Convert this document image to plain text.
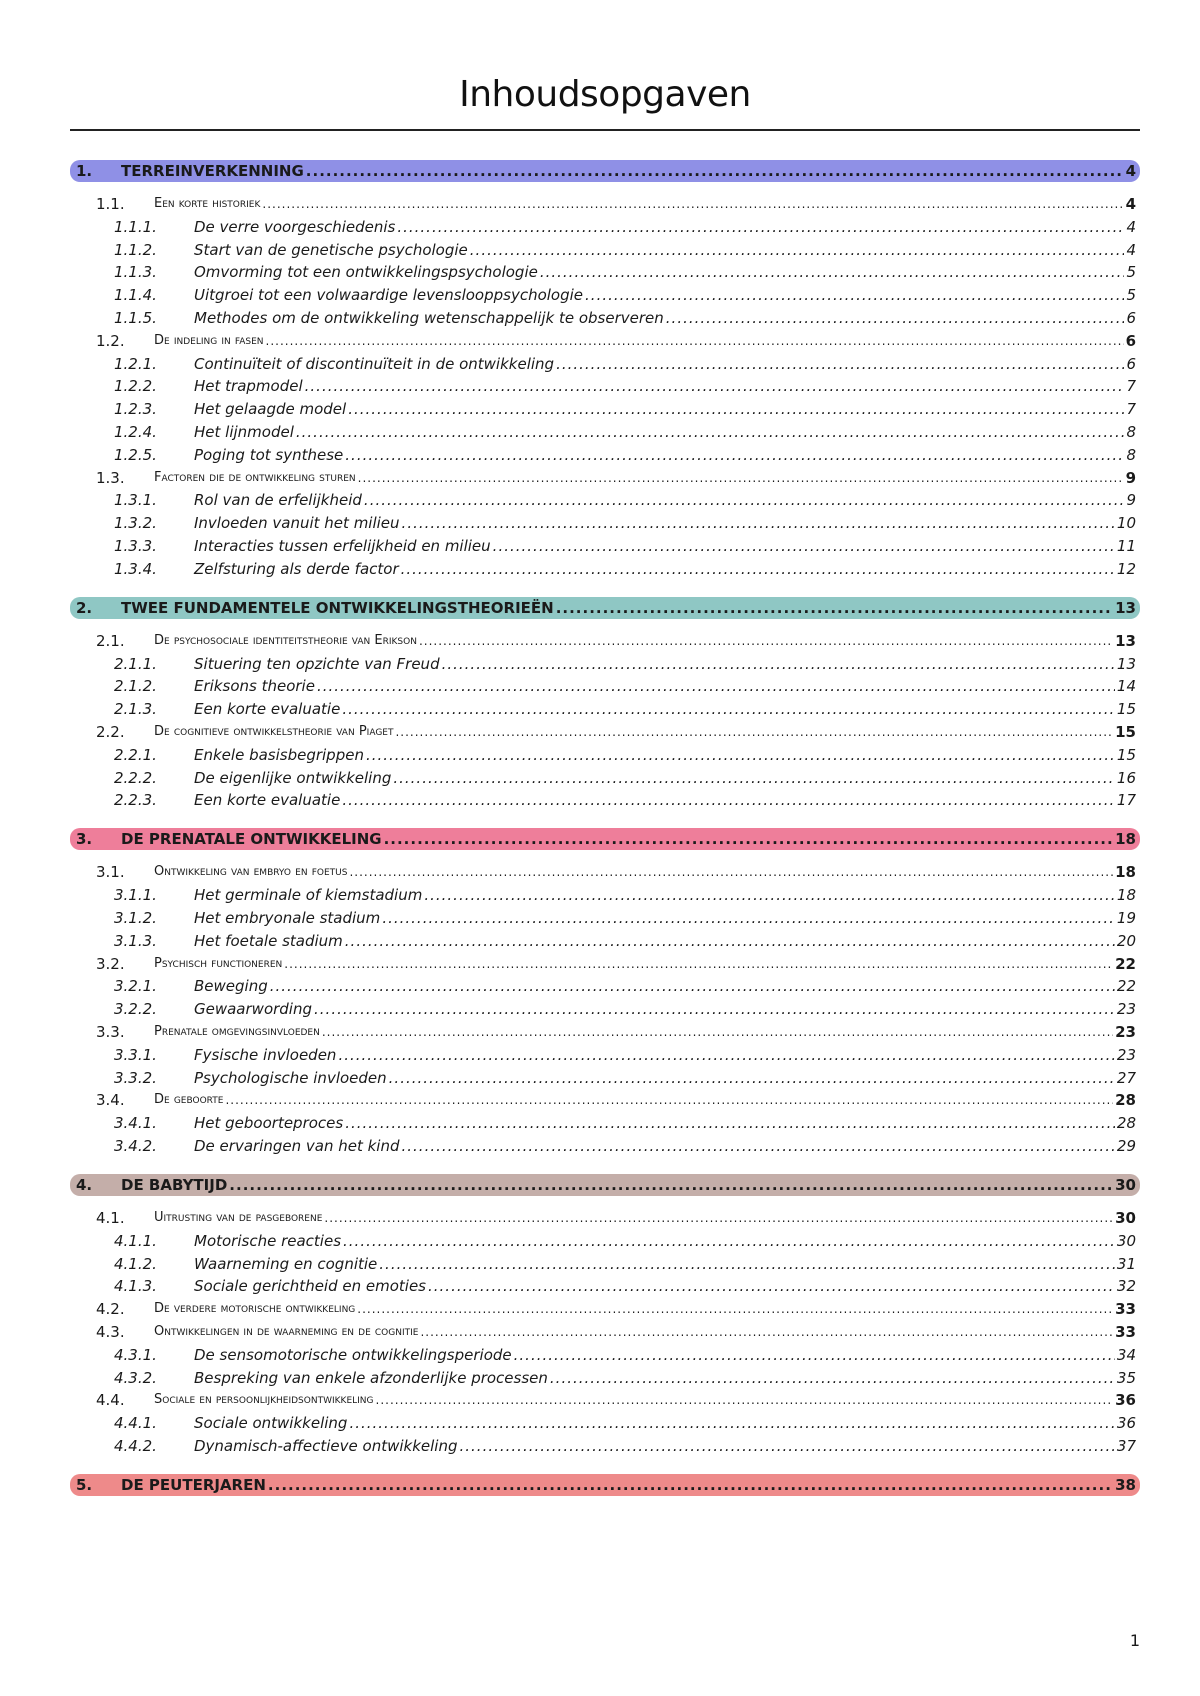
Inhoudsopgaven
1.	TERREINVERKENNING .....	4
1.1.	Een korte historiek .....	4
1.1.1.	De verre voorgeschiedenis .....	4
1.1.2.	Start van de genetische psychologie .....	4
1.1.3.	Omvorming tot een ontwikkelingspsychologie .....	5
1.1.4.	Uitgroei tot een volwaardige levenslooppsychologie .....	5
1.1.5.	Methodes om de ontwikkeling wetenschappelijk te observeren .....	6
1.2.	De indeling in fasen .....	6
1.2.1.	Continuïteit of discontinuïteit in de ontwikkeling .....	6
1.2.2.	Het trapmodel .....	7
1.2.3.	Het gelaagde model .....	7
1.2.4.	Het lijnmodel .....	8
1.2.5.	Poging tot synthese .....	8
1.3.	Factoren die de ontwikkeling sturen .....	9
1.3.1.	Rol van de erfelijkheid .....	9
1.3.2.	Invloeden vanuit het milieu .....	10
1.3.3.	Interacties tussen erfelijkheid en milieu .....	11
1.3.4.	Zelfsturing als derde factor .....	12
2.	TWEE FUNDAMENTELE ONTWIKKELINGSTHEORIEËN .....	13
2.1.	De psychosociale identiteitstheorie van Erikson .....	13
2.1.1.	Situering ten opzichte van Freud .....	13
2.1.2.	Eriksons theorie .....	14
2.1.3.	Een korte evaluatie .....	15
2.2.	De cognitieve ontwikkelstheorie van Piaget .....	15
2.2.1.	Enkele basisbegrippen .....	15
2.2.2.	De eigenlijke ontwikkeling .....	16
2.2.3.	Een korte evaluatie .....	17
3.	DE PRENATALE ONTWIKKELING .....	18
3.1.	Ontwikkeling van embryo en foetus .....	18
3.1.1.	Het germinale of kiemstadium .....	18
3.1.2.	Het embryonale stadium .....	19
3.1.3.	Het foetale stadium .....	20
3.2.	Psychisch functioneren .....	22
3.2.1.	Beweging .....	22
3.2.2.	Gewaarwording .....	23
3.3.	Prenatale omgevingsinvloeden .....	23
3.3.1.	Fysische invloeden .....	23
3.3.2.	Psychologische invloeden .....	27
3.4.	De geboorte .....	28
3.4.1.	Het geboorteproces .....	28
3.4.2.	De ervaringen van het kind .....	29
4.	DE BABYTIJD .....	30
4.1.	Uitrusting van de pasgeborene .....	30
4.1.1.	Motorische reacties .....	30
4.1.2.	Waarneming en cognitie .....	31
4.1.3.	Sociale gerichtheid en emoties .....	32
4.2.	De verdere motorische ontwikkeling .....	33
4.3.	Ontwikkelingen in de waarneming en de cognitie .....	33
4.3.1.	De sensomotorische ontwikkelingsperiode .....	34
4.3.2.	Bespreking van enkele afzonderlijke processen .....	35
4.4.	Sociale en persoonlijkheidsontwikkeling .....	36
4.4.1.	Sociale ontwikkeling .....	36
4.4.2.	Dynamisch-affectieve ontwikkeling .....	37
5.	DE PEUTERJAREN .....	38
1
